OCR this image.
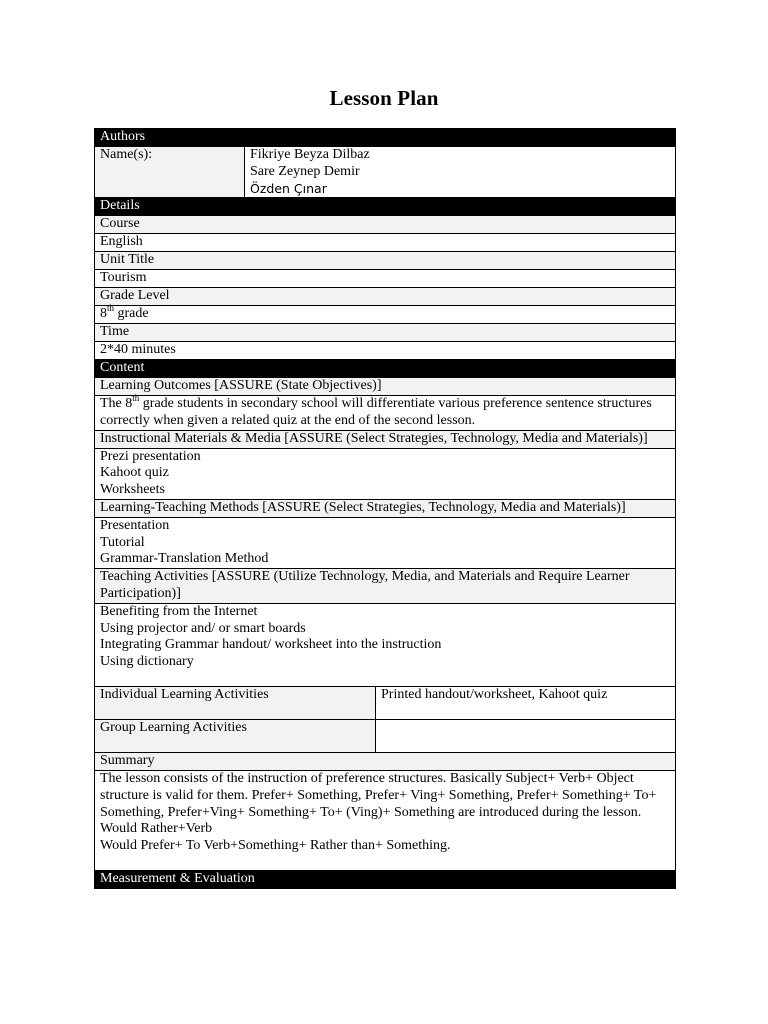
Lesson Plan
Authors		
Name(s):	Fikriye Beyza Dilbaz
Sare Zeynep Demir
Özden Çınar	

Details		
Course		
English		
Unit Title		
Tourism		
Grade Level		
8th grade		
Time		
2*40 minutes		
Content		
Learning Outcomes [ASSURE (State Objectives)]		
The 8th grade students in secondary school will differentiate various preference sentence structures correctly when given a related quiz at the end of the second lesson.		
Instructional Materials & Media [ASSURE (Select Strategies, Technology, Media and Materials)]		

Prezi presentation
Kahoot quiz
Worksheets		

Learning-Teaching Methods [ASSURE (Select Strategies, Technology, Media and Materials)]		

Presentation
Tutorial
Grammar-Translation Method		

Teaching Activities [ASSURE (Utilize Technology, Media, and Materials and Require Learner Participation)]		

Benefiting from the Internet
Using projector and/ or smart boards
Integrating Grammar handout/ worksheet into the instruction
Using dictionary		

Individual Learning Activities		Printed handout/worksheet, Kahoot quiz
Group Learning Activities		
Summary		

The lesson consists of the instruction of preference structures. Basically Subject+ Verb+ Object structure is valid for them. Prefer+ Something, Prefer+ Ving+ Something, Prefer+ Something+ To+ Something, Prefer+Ving+ Something+ To+ (Ving)+ Something are introduced during the lesson.
Would Rather+Verb
Would Prefer+ To Verb+Something+ Rather than+ Something.		

Measurement & Evaluation		
